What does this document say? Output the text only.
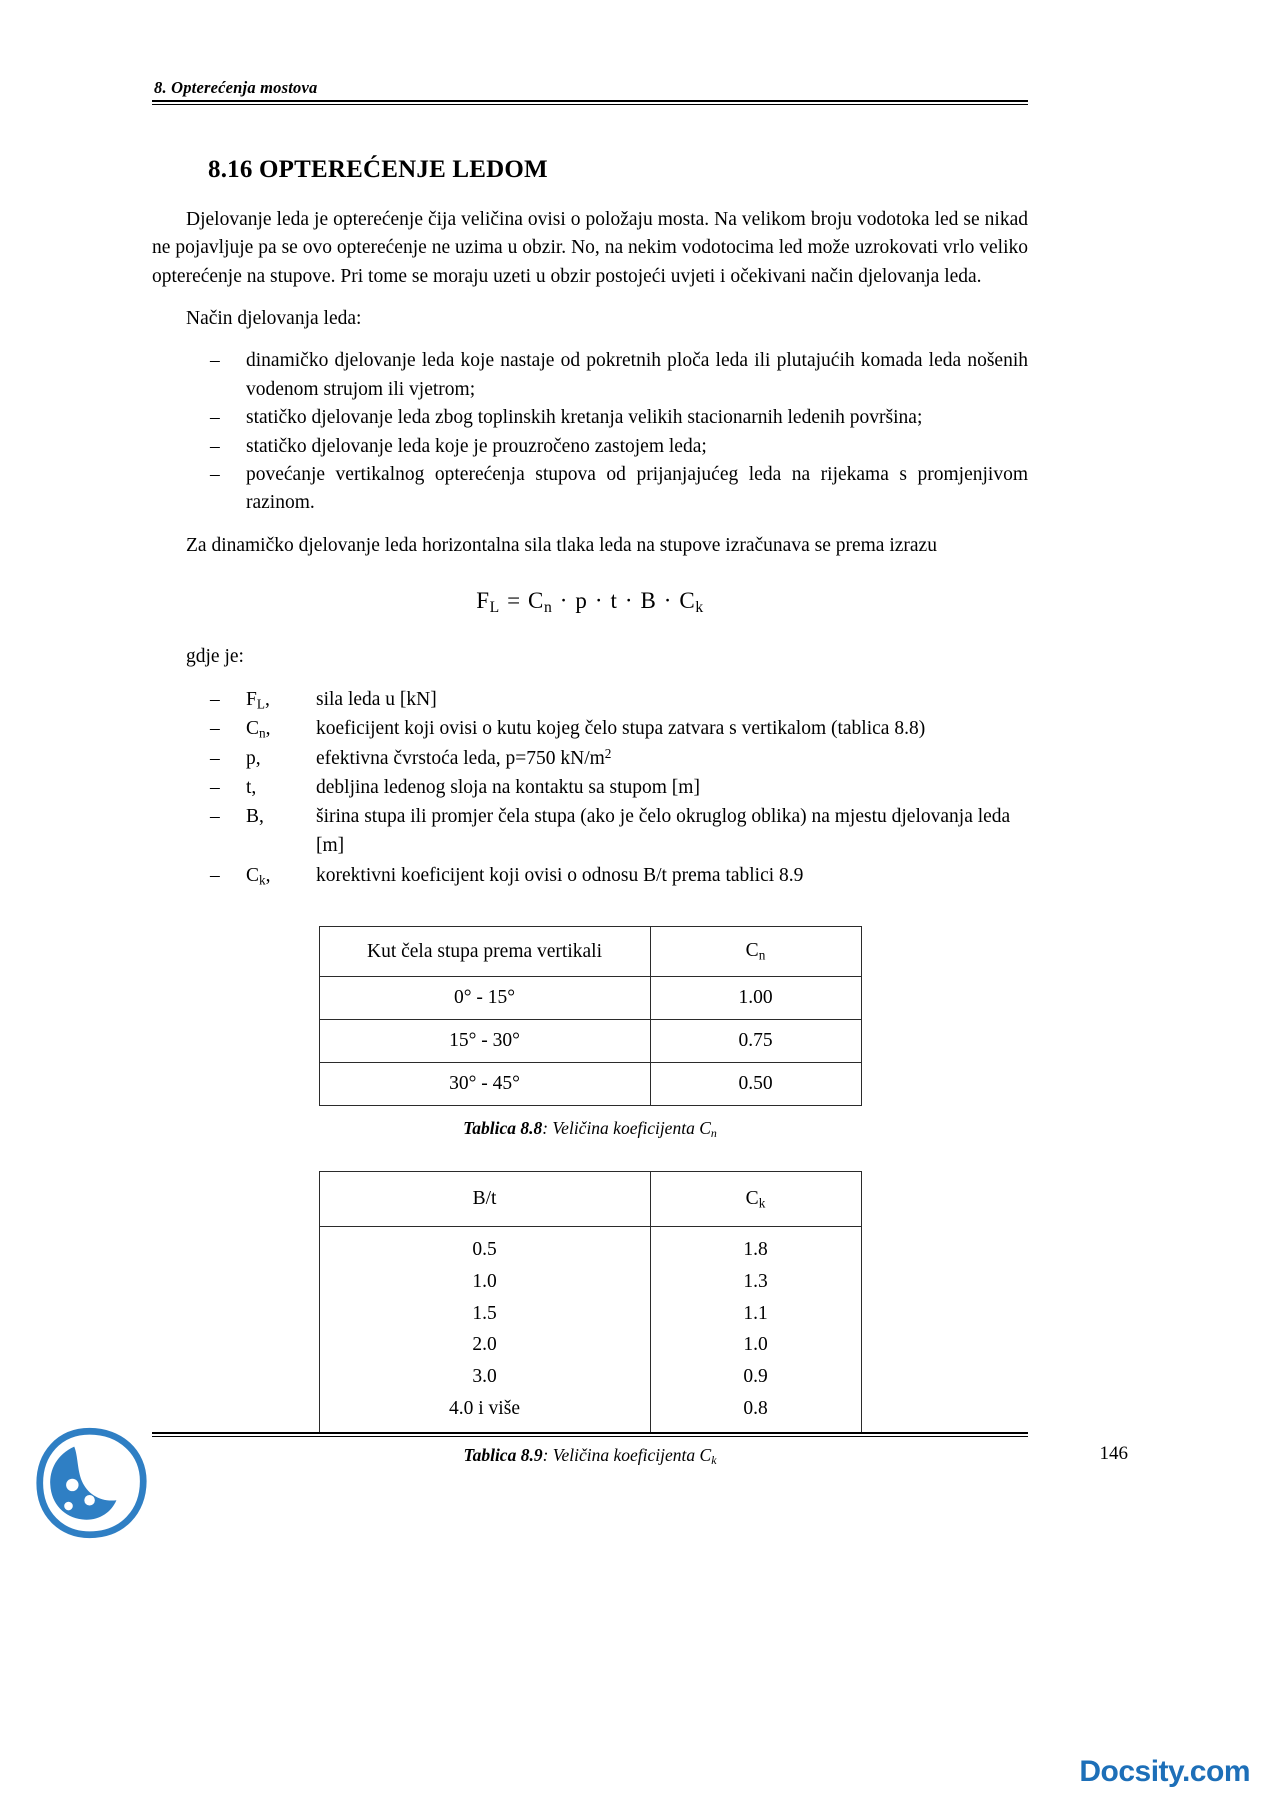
8. Opterećenja mostova
8.16 OPTEREĆENJE LEDOM

Djelovanje leda je opterećenje čija veličina ovisi o položaju mosta. Na velikom broju vodotoka led se nikad ne pojavljuje pa se ovo opterećenje ne uzima u obzir. No, na nekim vodotocima led može uzrokovati vrlo veliko opterećenje na stupove. Pri tome se moraju uzeti u obzir postojeći uvjeti i očekivani način djelovanja leda.

Način djelovanja leda:

–	dinamičko djelovanje leda koje nastaje od pokretnih ploča leda ili plutajućih komada leda nošenih vodenom strujom ili vjetrom;
–	statičko djelovanje leda zbog toplinskih kretanja velikih stacionarnih ledenih površina;
–	statičko djelovanje leda koje je prouzročeno zastojem leda;
–	povećanje vertikalnog opterećenja stupova od prijanjajućeg leda na rijekama s promjenjivom razinom.

Za dinamičko djelovanje leda horizontalna sila tlaka leda na stupove izračunava se prema izrazu

$F_L = C_n \cdot p \cdot t \cdot B \cdot C_k$

gdje je:

– $F_L$, sila leda u [kN]
– $C_n$, koeficijent koji ovisi o kutu kojeg čelo stupa zatvara s vertikalom (tablica 8.8)
– p,	efektivna čvrstoća leda, p=750 $kN/m^2$
– t,	debljina ledenog sloja na kontaktu sa stupom [m]
– B,	širina stupa ili promjer čela stupa (ako je čelo okruglog oblika) na mjestu djelovanja leda [m]
– $C_k$, korektivni koeficijent koji ovisi o odnosu B/t prema tablici 8.9
Kut čela stupa prema vertikali	$C_n$
0° - 15°	1.00
15° - 30°	0.75
30° - 45°	0.50
Tablica 8.8: Veličina koeficijenta $C_n$
B/t	$C_k$
0.5	1.8
1.0	1.3
1.5	1.1
2.0	1.0
3.0	0.9
4.0 i više	0.8
Tablica 8.9: Veličina koeficijenta $C_k$	146
Docsity.com
